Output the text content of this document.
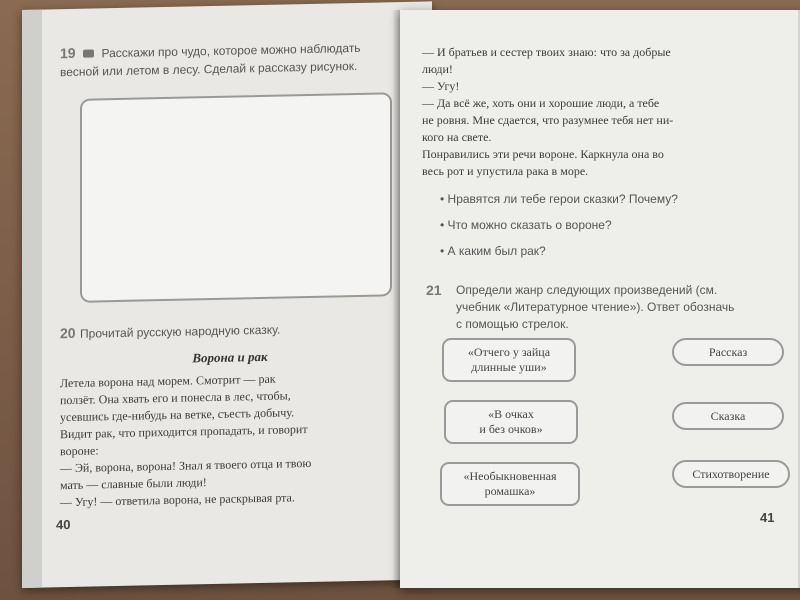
19 Расскажи про чудо, которое можно наблюдать весной или летом в лесу. Сделай к рассказу рисунок.
20 Прочитай русскую народную сказку.
Ворона и рак
Летела ворона над морем. Смотрит — рак
ползёт. Она хвать его и понесла в лес, чтобы,
усевшись где-нибудь на ветке, съесть добычу.
Видит рак, что приходится пропадать, и говорит
вороне:
— Эй, ворона, ворона! Знал я твоего отца и твою
мать — славные были люди!
— Угу! — ответила ворона, не раскрывая рта.
40
— И братьев и сестер твоих знаю: что за добрые
люди!
— Угу!
— Да всё же, хоть они и хорошие люди, а тебе
не ровня. Мне сдается, что разумнее тебя нет ни-
кого на свете.
Понравились эти речи вороне. Каркнула она во
весь рот и упустила рака в море.
• Нравятся ли тебе герои сказки? Почему?
• Что можно сказать о вороне?
• А каким был рак?
21 Определи жанр следующих произведений (см.
учебник «Литературное чтение»). Ответ обозначь
с помощью стрелок.
«Отчего у зайца
длинные уши»
«В очках
и без очков»
«Необыкновенная
ромашка»
Рассказ
Сказка
Стихотворение
41
